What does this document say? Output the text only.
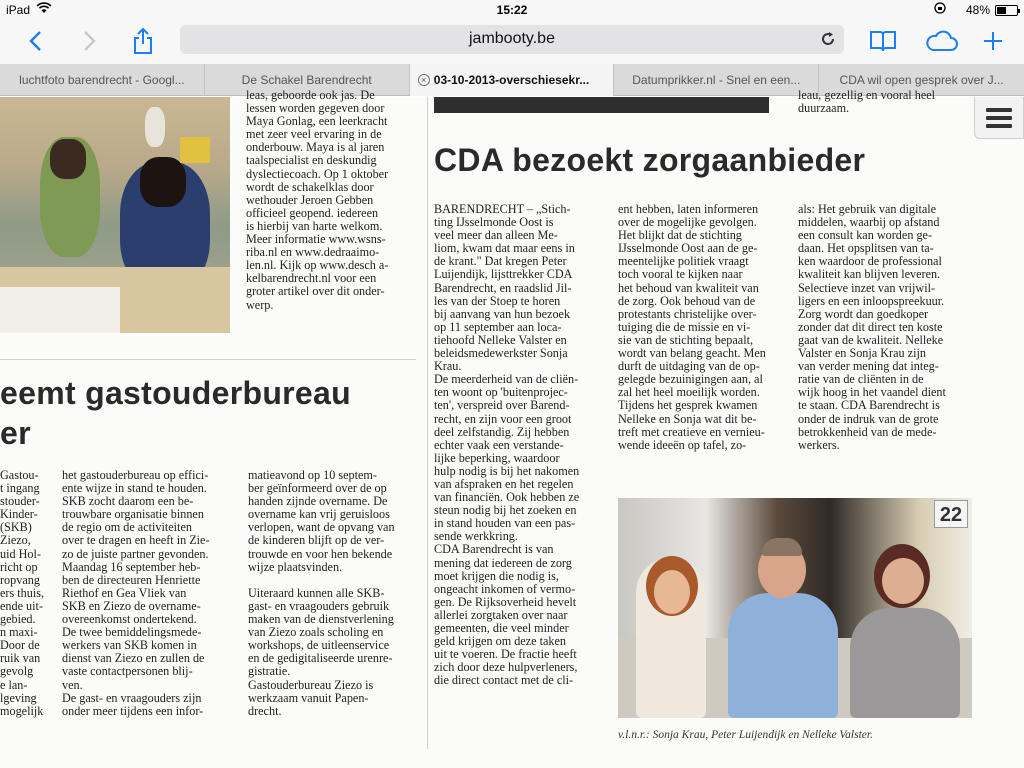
iPad	15:22	48%
jambooty.be
luchtfoto barendrecht - Googl...	De Schakel Barendrecht	× 03-10-2013-overschiesekr...	Datumprikker.nl - Snel en een...	CDA wil open gesprek over J...
leas, geboorde ook jas. De
lessen worden gegeven door
Maya Gonlag, een leerkracht
met zeer veel ervaring in de
onderbouw. Maya is al jaren
taalspecialist en deskundig
dyslectiecoach. Op 1 oktober
wordt de schakelklas door
wethouder Jeroen Gebben
officieel geopend. iedereen
is hierbij van harte welkom.
Meer informatie www.wsns-
riba.nl en www.dedraaimo-
len.nl. Kijk op www.desch a-
kelbarendrecht.nl voor een
groter artikel over dit onder-
werp.
eemt gastouderbureau
er
Gastou-
t ingang
stouder-
Kinder-
(SKB)
Ziezo,
uid Hol-
richt op
ropvang
ers thuis,
ende uit-
gebied.
n maxi-
Door de
ruik van
gevolg
e lan-
lgeving
mogelijk
het gastouderbureau op effici-
ente wijze in stand te houden.
SKB zocht daarom een be-
trouwbare organisatie binnen
de regio om de activiteiten
over te dragen en heeft in Zie-
zo de juiste partner gevonden.
Maandag 16 september heb-
ben de directeuren Henriette
Riethof en Gea Vliek van
SKB en Ziezo de overname-
overeenkomst ondertekend.
De twee bemiddelingsmede-
werkers van SKB komen in
dienst van Ziezo en zullen de
vaste contactpersonen blij-
ven.
De gast- en vraagouders zijn
onder meer tijdens een infor-
matieavond op 10 septem-
ber geïnformeerd over de op
handen zijnde overname. De
overname kan vrij geruisloos
verlopen, want de opvang van
de kinderen blijft op de ver-
trouwde en voor hen bekende
wijze plaatsvinden.

Uiteraard kunnen alle SKB-
gast- en vraagouders gebruik
maken van de dienstverlening
van Ziezo zoals scholing en
workshops, de uitleenservice
en de gedigitaliseerde urenre-
gistratie.
Gastouderbureau Ziezo is
werkzaam vanuit Papen-
drecht.
leau, gezellig en vooral heel
duurzaam.
CDA bezoekt zorgaanbieder
BARENDRECHT – „Stich-
ting IJsselmonde Oost is
veel meer dan alleen Me-
liom, kwam dat maar eens in
de krant." Dat kregen Peter
Luijendijk, lijsttrekker CDA
Barendrecht, en raadslid Jil-
les van der Stoep te horen
bij aanvang van hun bezoek
op 11 september aan loca-
tiehoofd Nelleke Valster en
beleidsmedewerkster Sonja
Krau.
De meerderheid van de cliën-
ten woont op 'buitenprojec-
ten', verspreid over Barend-
recht, en zijn voor een groot
deel zelfstandig. Zij hebben
echter vaak een verstande-
lijke beperking, waardoor
hulp nodig is bij het nakomen
van afspraken en het regelen
van financiën. Ook hebben ze
steun nodig bij het zoeken en
in stand houden van een pas-
sende werkkring.
CDA Barendrecht is van
mening dat iedereen de zorg
moet krijgen die nodig is,
ongeacht inkomen of vermo-
gen. De Rijksoverheid hevelt
allerlei zorgtaken over naar
gemeenten, die veel minder
geld krijgen om deze taken
uit te voeren. De fractie heeft
zich door deze hulpverleners,
die direct contact met de cli-
ent hebben, laten informeren
over de mogelijke gevolgen.
Het blijkt dat de stichting
IJsselmonde Oost aan de ge-
meentelijke politiek vraagt
toch vooral te kijken naar
het behoud van kwaliteit van
de zorg. Ook behoud van de
protestants christelijke over-
tuiging die de missie en vi-
sie van de stichting bepaalt,
wordt van belang geacht. Men
durft de uitdaging van de op-
gelegde bezuinigingen aan, al
zal het heel moeilijk worden.
Tijdens het gesprek kwamen
Nelleke en Sonja wat dit be-
treft met creatieve en vernieu-
wende ideeën op tafel, zo-
als: Het gebruik van digitale
middelen, waarbij op afstand
een consult kan worden ge-
daan. Het opsplitsen van ta-
ken waardoor de professional
kwaliteit kan blijven leveren.
Selectieve inzet van vrijwil-
ligers en een inloopspreekuur.
Zorg wordt dan goedkoper
zonder dat dit direct ten koste
gaat van de kwaliteit. Nelleke
Valster en Sonja Krau zijn
van verder mening dat integ-
ratie van de cliënten in de
wijk hoog in het vaandel dient
te staan. CDA Barendrecht is
onder de indruk van de grote
betrokkenheid van de mede-
werkers.
22
v.l.n.r.: Sonja Krau, Peter Luijendijk en Nelleke Valster.
